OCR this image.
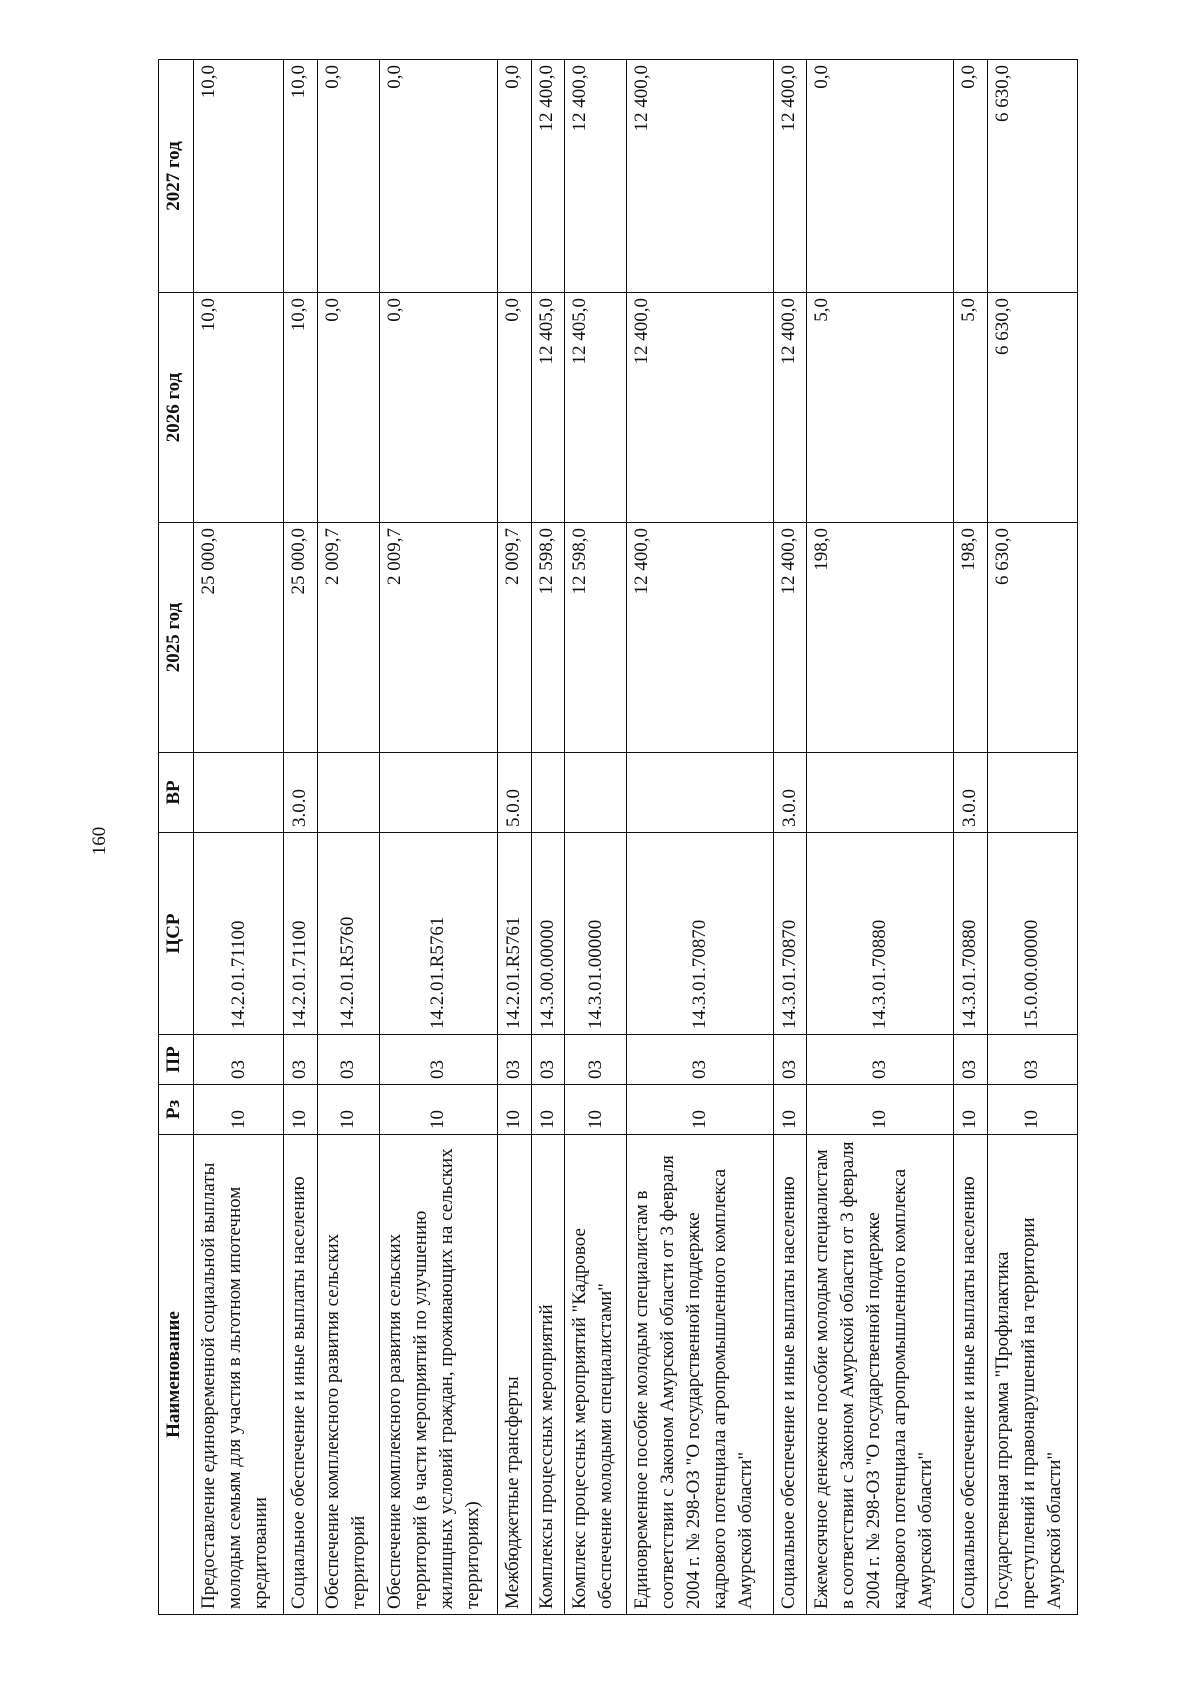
160
Наименование	Рз	ПР	ЦСР	ВР	2025 год	2026 год	2027 год
Предоставление единовременной социальной выплаты молодым семьям для участия в льготном ипотечном кредитовании	10	03	14.2.01.71100		25 000,0	10,0	10,0
Социальное обеспечение и иные выплаты населению	10	03	14.2.01.71100	3.0.0	25 000,0	10,0	10,0
Обеспечение комплексного развития сельских территорий	10	03	14.2.01.R5760		2 009,7	0,0	0,0
Обеспечение комплексного развития сельских территорий (в части мероприятий по улучшению жилищных условий граждан, проживающих на сельских территориях)	10	03	14.2.01.R5761		2 009,7	0,0	0,0
Межбюджетные трансферты	10	03	14.2.01.R5761	5.0.0	2 009,7	0,0	0,0
Комплексы процессных мероприятий	10	03	14.3.00.00000		12 598,0	12 405,0	12 400,0
Комплекс процессных мероприятий "Кадровое обеспечение молодыми специалистами"	10	03	14.3.01.00000		12 598,0	12 405,0	12 400,0
Единовременное пособие молодым специалистам в соответствии с Законом Амурской области от 3 февраля 2004 г. № 298-ОЗ "О государственной поддержке кадрового потенциала агропромышленного комплекса Амурской области"	10	03	14.3.01.70870		12 400,0	12 400,0	12 400,0
Социальное обеспечение и иные выплаты населению	10	03	14.3.01.70870	3.0.0	12 400,0	12 400,0	12 400,0
Ежемесячное денежное пособие молодым специалистам в соответствии с Законом Амурской области от 3 февраля 2004 г. № 298-ОЗ "О государственной поддержке кадрового потенциала агропромышленного комплекса Амурской области"	10	03	14.3.01.70880		198,0	5,0	0,0
Социальное обеспечение и иные выплаты населению	10	03	14.3.01.70880	3.0.0	198,0	5,0	0,0
Государственная программа "Профилактика преступлений и правонарушений на территории Амурской области"	10	03	15.0.00.00000		6 630,0	6 630,0	6 630,0
